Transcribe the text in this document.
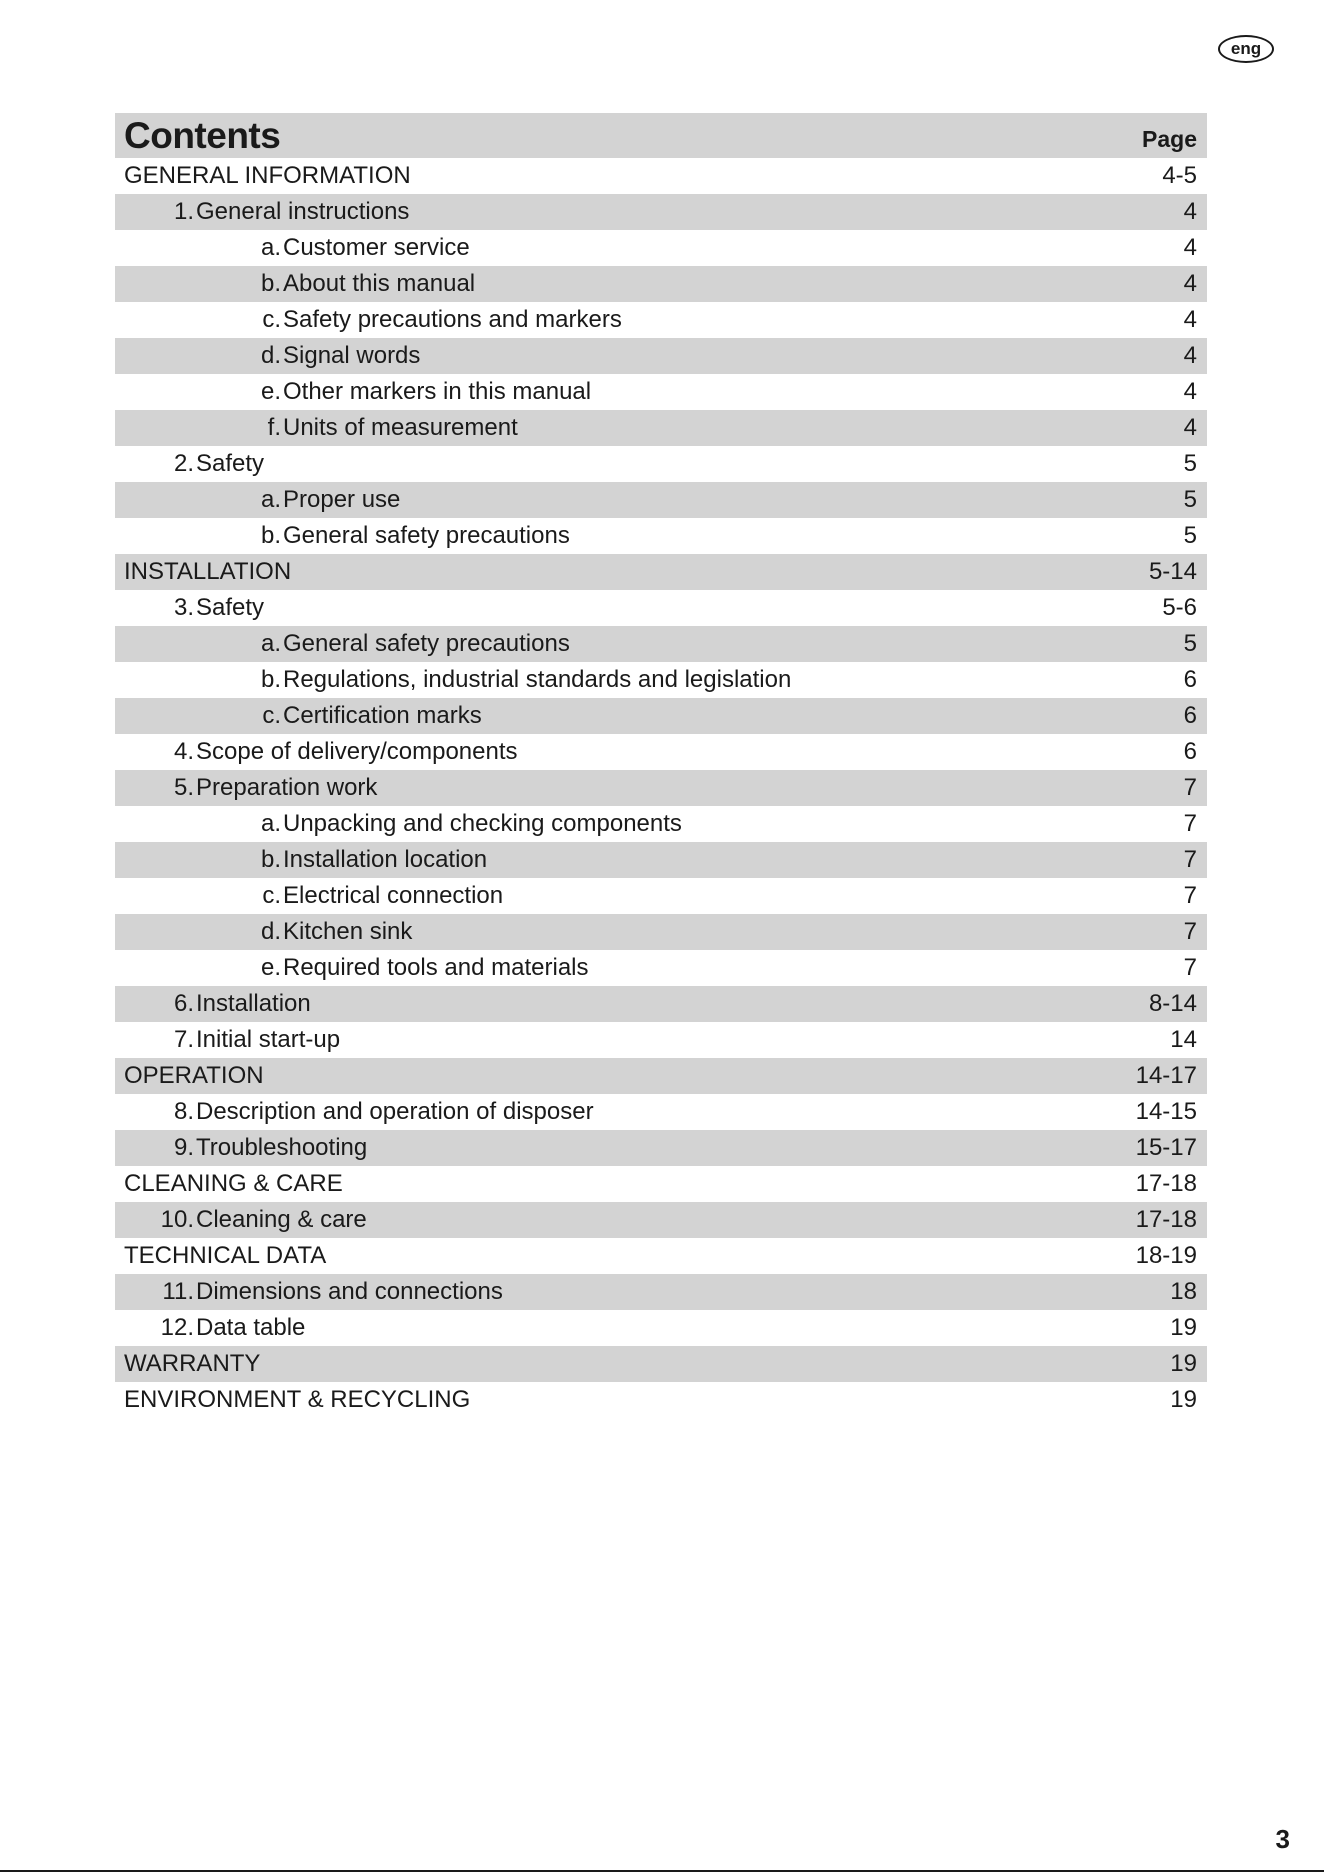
eng
Contents	Page
GENERAL INFORMATION	4-5
1. General instructions	4
a. Customer service	4
b. About this manual	4
c. Safety precautions and markers	4
d. Signal words	4
e. Other markers in this manual	4
f. Units of measurement	4
2. Safety	5
a. Proper use	5
b. General safety precautions	5
INSTALLATION	5-14
3. Safety	5-6
a. General safety precautions	5
b. Regulations, industrial standards and legislation	6
c. Certification marks	6
4. Scope of delivery/components	6
5. Preparation work	7
a. Unpacking and checking components	7
b. Installation location	7
c. Electrical connection	7
d. Kitchen sink	7
e. Required tools and materials	7
6. Installation	8-14
7. Initial start-up	14
OPERATION	14-17
8. Description and operation of disposer	14-15
9. Troubleshooting	15-17
CLEANING & CARE	17-18
10. Cleaning & care	17-18
TECHNICAL DATA	18-19
11. Dimensions and connections	18
12. Data table	19
WARRANTY	19
ENVIRONMENT & RECYCLING	19
3
